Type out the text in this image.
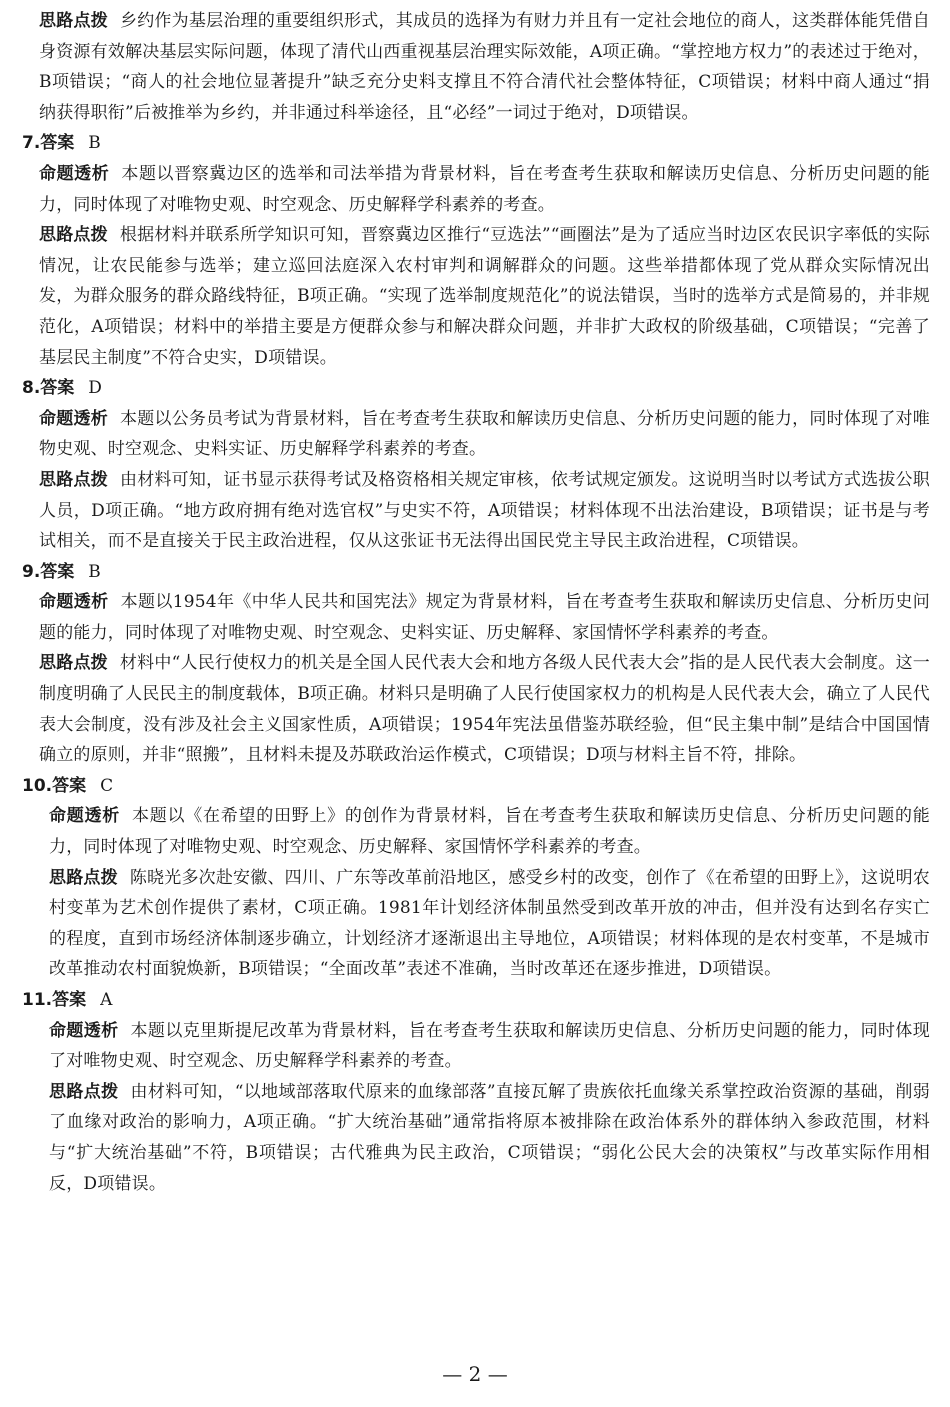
思路点拨 乡约作为基层治理的重要组织形式，其成员的选择为有财力并且有一定社会地位的商人，这类群体能凭借自身资源有效解决基层实际问题，体现了清代山西重视基层治理实际效能，A项正确。“掌控地方权力”的表述过于绝对，B项错误；“商人的社会地位显著提升”缺乏充分史料支撑且不符合清代社会整体特征，C项错误；材料中商人通过“捐纳获得职衔”后被推举为乡约，并非通过科举途径，且“必经”一词过于绝对，D项错误。

7.答案 B

命题透析 本题以晋察冀边区的选举和司法举措为背景材料，旨在考查考生获取和解读历史信息、分析历史问题的能力，同时体现了对唯物史观、时空观念、历史解释学科素养的考查。

思路点拨 根据材料并联系所学知识可知，晋察冀边区推行“豆选法”“画圈法”是为了适应当时边区农民识字率低的实际情况，让农民能参与选举；建立巡回法庭深入农村审判和调解群众的问题。这些举措都体现了党从群众实际情况出发，为群众服务的群众路线特征，B项正确。“实现了选举制度规范化”的说法错误，当时的选举方式是简易的，并非规范化，A项错误；材料中的举措主要是方便群众参与和解决群众问题，并非扩大政权的阶级基础，C项错误；“完善了基层民主制度”不符合史实，D项错误。

8.答案 D

命题透析 本题以公务员考试为背景材料，旨在考查考生获取和解读历史信息、分析历史问题的能力，同时体现了对唯物史观、时空观念、史料实证、历史解释学科素养的考查。

思路点拨 由材料可知，证书显示获得考试及格资格相关规定审核，依考试规定颁发。这说明当时以考试方式选拔公职人员，D项正确。“地方政府拥有绝对选官权”与史实不符，A项错误；材料体现不出法治建设，B项错误；证书是与考试相关，而不是直接关于民主政治进程，仅从这张证书无法得出国民党主导民主政治进程，C项错误。

9.答案 B

命题透析 本题以1954年《中华人民共和国宪法》规定为背景材料，旨在考查考生获取和解读历史信息、分析历史问题的能力，同时体现了对唯物史观、时空观念、史料实证、历史解释、家国情怀学科素养的考查。

思路点拨 材料中“人民行使权力的机关是全国人民代表大会和地方各级人民代表大会”指的是人民代表大会制度。这一制度明确了人民民主的制度载体，B项正确。材料只是明确了人民行使国家权力的机构是人民代表大会，确立了人民代表大会制度，没有涉及社会主义国家性质，A项错误；1954年宪法虽借鉴苏联经验，但“民主集中制”是结合中国国情确立的原则，并非“照搬”，且材料未提及苏联政治运作模式，C项错误；D项与材料主旨不符，排除。

10.答案 C

命题透析 本题以《在希望的田野上》的创作为背景材料，旨在考查考生获取和解读历史信息、分析历史问题的能力，同时体现了对唯物史观、时空观念、历史解释、家国情怀学科素养的考查。

思路点拨 陈晓光多次赴安徽、四川、广东等改革前沿地区，感受乡村的改变，创作了《在希望的田野上》，这说明农村变革为艺术创作提供了素材，C项正确。1981年计划经济体制虽然受到改革开放的冲击，但并没有达到名存实亡的程度，直到市场经济体制逐步确立，计划经济才逐渐退出主导地位，A项错误；材料体现的是农村变革，不是城市改革推动农村面貌焕新，B项错误；“全面改革”表述不准确，当时改革还在逐步推进，D项错误。

11.答案 A

命题透析 本题以克里斯提尼改革为背景材料，旨在考查考生获取和解读历史信息、分析历史问题的能力，同时体现了对唯物史观、时空观念、历史解释学科素养的考查。

思路点拨 由材料可知，“以地域部落取代原来的血缘部落”直接瓦解了贵族依托血缘关系掌控政治资源的基础，削弱了血缘对政治的影响力，A项正确。“扩大统治基础”通常指将原本被排除在政治体系外的群体纳入参政范围，材料与“扩大统治基础”不符，B项错误；古代雅典为民主政治，C项错误；“弱化公民大会的决策权”与改革实际作用相反，D项错误。

— 2 —
